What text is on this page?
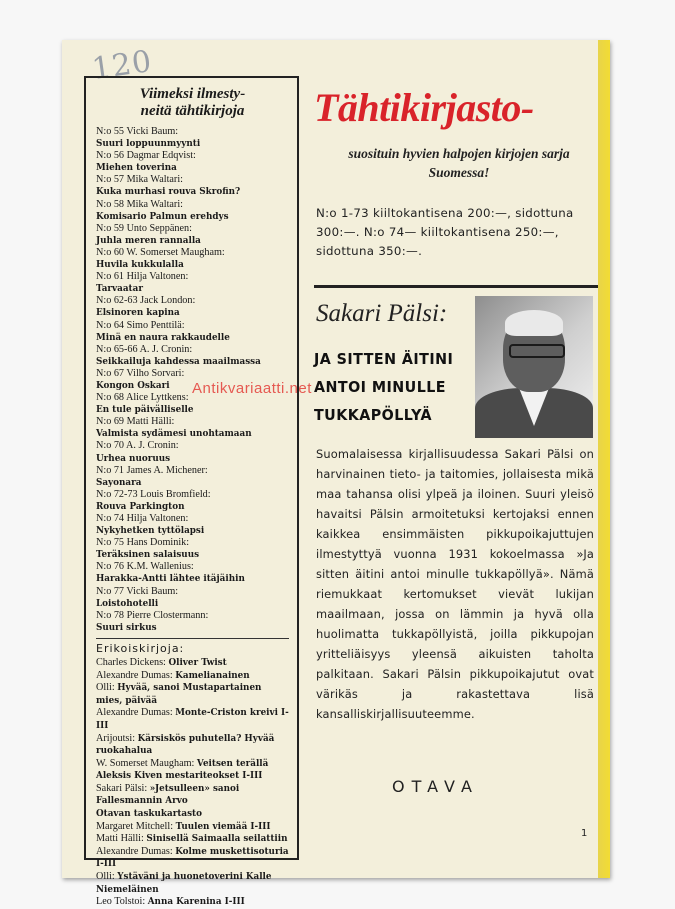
120
Viimeksi ilmesty-
neitä tähtikirjoja
N:o 55 Vicki Baum:
Suuri loppuunmyynti
N:o 56 Dagmar Edqvist:
Miehen toverina
N:o 57 Mika Waltari:
Kuka murhasi rouva Skrofin?
N:o 58 Mika Waltari:
Komisario Palmun erehdys
N:o 59 Unto Seppänen:
Juhla meren rannalla
N:o 60 W. Somerset Maugham:
Huvila kukkulalla
N:o 61 Hilja Valtonen:
Tarvaatar
N:o 62-63 Jack London:
Elsinoren kapina
N:o 64 Simo Penttilä:
Minä en naura rakkaudelle
N:o 65-66 A. J. Cronin:
Seikkailuja kahdessa maailmassa
N:o 67 Vilho Sorvari:
Kongon Oskari
N:o 68 Alice Lyttkens:
En tule päivälliselle
N:o 69 Matti Hälli:
Valmista sydämesi unohtamaan
N:o 70 A. J. Cronin:
Urhea nuoruus
N:o 71 James A. Michener:
Sayonara
N:o 72-73 Louis Bromfield:
Rouva Parkington
N:o 74 Hilja Valtonen:
Nykyhetken tyttölapsi
N:o 75 Hans Dominik:
Teräksinen salaisuus
N:o 76 K.M. Wallenius:
Harakka-Antti lähtee itäjäihin
N:o 77 Vicki Baum:
Loistohotelli
N:o 78 Pierre Clostermann:
Suuri sirkus
Erikoiskirjoja:
Charles Dickens: Oliver Twist
Alexandre Dumas: Kamelianainen
Olli: Hyvää, sanoi Mustapartainen mies, päivää
Alexandre Dumas: Monte-Criston kreivi I-III
Arijoutsi: Kärsiskös puhutella? Hyvää ruokahalua
W. Somerset Maugham: Veitsen terällä
Aleksis Kiven mestariteokset I-III
Sakari Pälsi: »Jetsulleen» sanoi Fallesmannin Arvo
Otavan taskukartasto
Margaret Mitchell: Tuulen viemää I-III
Matti Hälli: Sinisellä Saimaalla seilattiin
Alexandre Dumas: Kolme muskettisoturia I-III
Olli: Ystäväni ja huonetoverini Kalle Niemeläinen
Leo Tolstoi: Anna Karenina I-III
Tähtikirjasto-
suosituin hyvien halpojen kirjojen sarja Suomessa!
N:o 1-73 kiiltokantisena 200:—, sidottuna 300:—. N:o 74— kiiltokantisena 250:—, sidottuna 350:—.
Sakari Pälsi:
JA SITTEN ÄITINI
ANTOI MINULLE
TUKKAPÖLLYÄ
Suomalaisessa kirjallisuudessa Sakari Pälsi on harvinainen tieto- ja taitomies, jollaisesta mikä maa tahansa olisi ylpeä ja iloinen. Suuri yleisö havaitsi Pälsin armoitetuksi kertojaksi ennen kaikkea ensimmäisten pikkupoikajuttujen ilmestyttyä vuonna 1931 kokoelmassa »Ja sitten äitini antoi minulle tukkapöllyä». Nämä riemukkaat kertomukset vievät lukijan maailmaan, jossa on lämmin ja hyvä olla huolimatta tukkapöllyistä, joilla pikkupojan yritteliäisyys yleensä aikuisten taholta palkitaan. Sakari Pälsin pikkupoikajutut ovat värikäs ja rakastettava lisä kansalliskirjallisuuteemme.
OTAVA
1
Antikvariaatti.net
